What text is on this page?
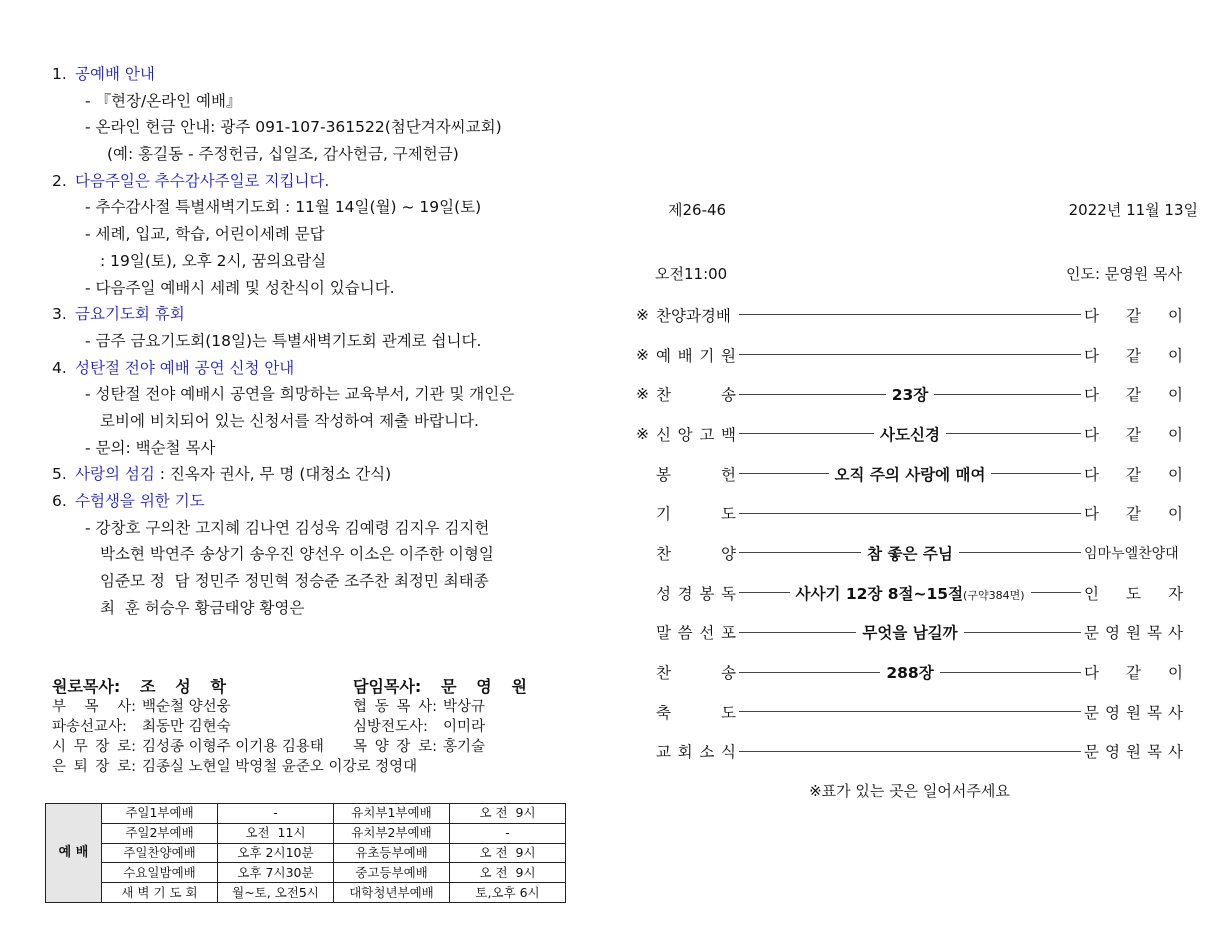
1. 공예배 안내
- 『현장/온라인 예배』
- 온라인 헌금 안내: 광주 091-107-361522(첨단겨자씨교회)
(예: 홍길동 - 주정헌금, 십일조, 감사헌금, 구제헌금)
2. 다음주일은 추수감사주일로 지킵니다.
- 추수감사절 특별새벽기도회 : 11월 14일(월) ~ 19일(토)
- 세례, 입교, 학습, 어린이세례 문답
: 19일(토), 오후 2시, 꿈의요람실
- 다음주일 예배시 세례 및 성찬식이 있습니다.
3. 금요기도회 휴회
- 금주 금요기도회(18일)는 특별새벽기도회 관계로 쉽니다.
4. 성탄절 전야 예배 공연 신청 안내
- 성탄절 전야 예배시 공연을 희망하는 교육부서, 기관 및 개인은
로비에 비치되어 있는 신청서를 작성하여 제출 바랍니다.
- 문의: 백순철 목사
5. 사랑의 섬김 : 진옥자 권사, 무 명 (대청소 간식)
6. 수험생을 위한 기도
- 강창호 구의찬 고지혜 김나연 김성욱 김예령 김지우 김지헌
박소현 박연주 송상기 송우진 양선우 이소은 이주한 이형일
임준모 정  담 정민주 정민혁 정승준 조주찬 최정민 최태종
최  훈 허승우 황금태양 황영은
원로목사:	조 성 학	담임목사:	문 영 원
부 목 사: 백순철 양선웅	협 동 목 사: 박상규
파송선교사:	최동만 김현숙	심방전도사:	이미라
시 무 장 로: 김성종 이형주 이기용 김용태 목 양 장 로: 홍기술
은 퇴 장 로: 김종실 노현일 박영철 윤준오 이강로 정영대
예 배	주일1부예배	-	유치부1부예배	오 전  9시
	주일2부예배	오전  11시	유치부2부예배	-
	주일찬양예배	오후 2시10분	유초등부예배	오 전  9시
	수요일밤예배	오후 7시30분	중고등부예배	오 전  9시
	새 벽 기 도 회	월~토, 오전5시	대학청년부예배	토,오후 6시
제26-46	2022년 11월 13일
오전11:00	인도: 문영원 목사
※ 찬양과경배	다 같 이
※ 예 배 기 원	다 같 이
※ 찬 송	23장	다 같 이
※ 신 앙 고 백	사도신경	다 같 이
봉 헌	오직 주의 사랑에 매여	다 같 이
기 도	다 같 이
찬 양	참 좋은 주님	임마누엘찬양대
성 경 봉 독	사사기 12장 8절~15절(구약384면)	인 도 자
말 씀 선 포	무엇을 남길까	문 영 원 목 사
찬 송	288장	다 같 이
축 도	문 영 원 목 사
교 회 소 식	문 영 원 목 사
※표가 있는 곳은 일어서주세요
